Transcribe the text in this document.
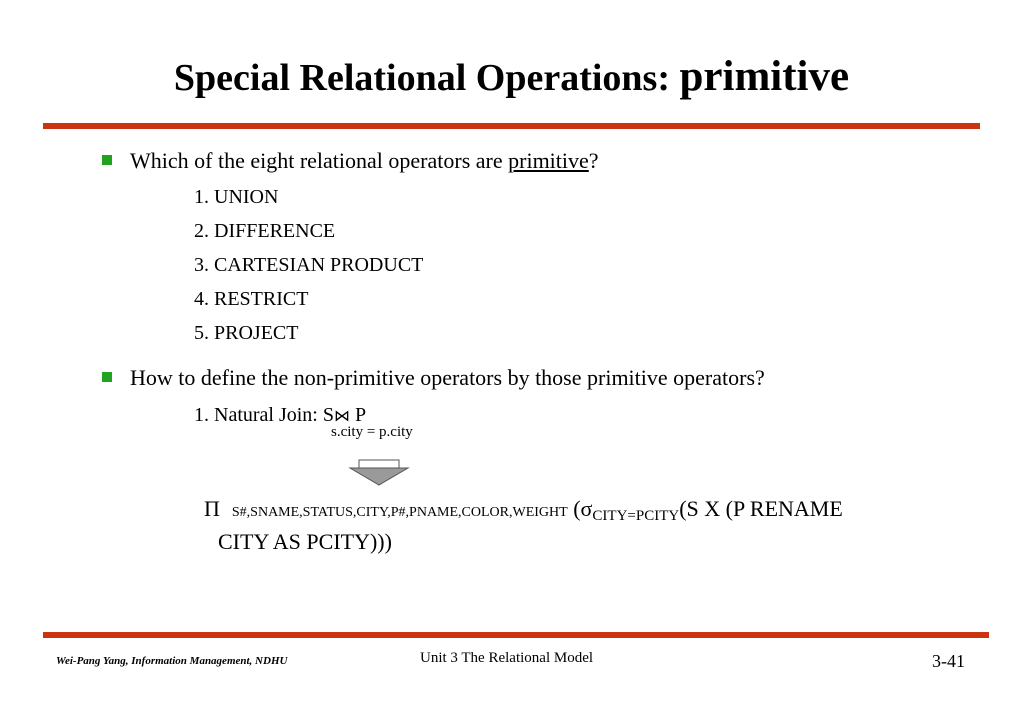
Special Relational Operations: primitive
Which of the eight relational operators are primitive?
1. UNION
2. DIFFERENCE
3. CARTESIAN PRODUCT
4. RESTRICT
5. PROJECT
How to define the non-primitive operators by those primitive operators?
1. Natural Join: S⋈ P
s.city = p.city
Π S#,SNAME,STATUS,CITY,P#,PNAME,COLOR,WEIGHT (σCITY=PCITY(S X (P RENAME
CITY AS PCITY)))
Wei-Pang Yang, Information Management, NDHU	Unit 3 The Relational Model	3-41
